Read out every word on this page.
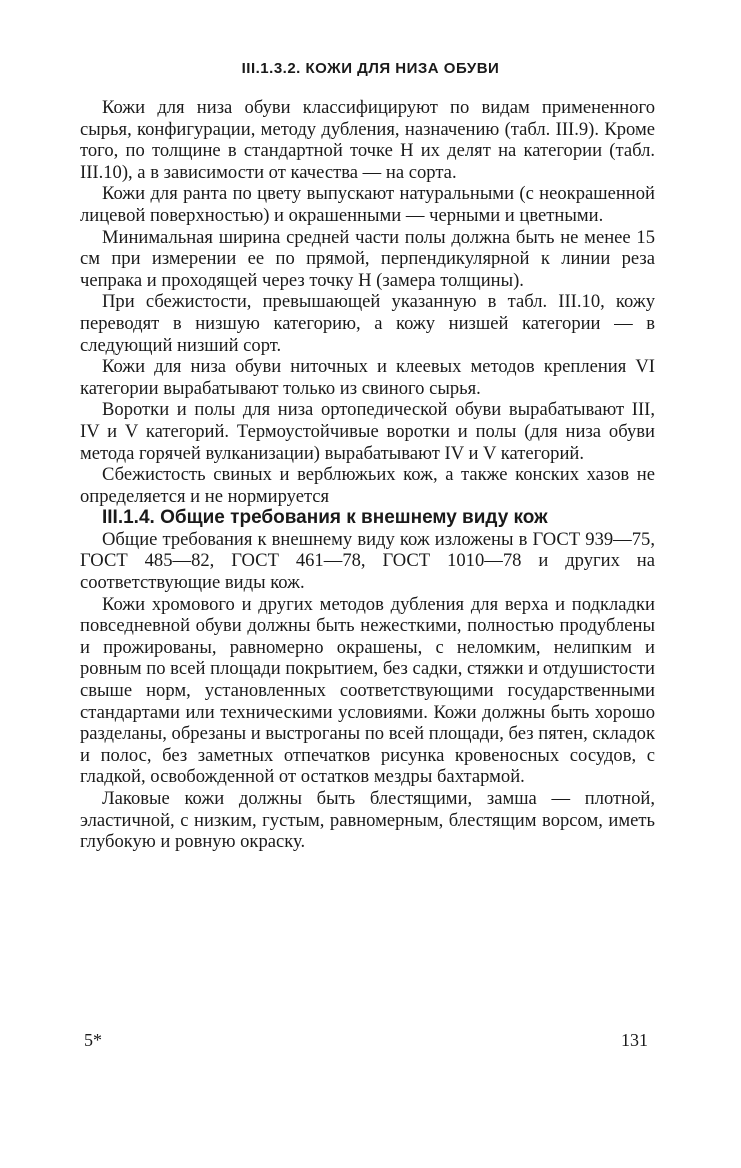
III.1.3.2. КОЖИ ДЛЯ НИЗА ОБУВИ

Кожи для низа обуви классифицируют по видам примененного сырья, конфигурации, методу дубления, назначению (табл. III.9). Кроме того, по толщине в стандартной точке H их делят на категории (табл. III.10), а в зависимости от качества — на сорта.

Кожи для ранта по цвету выпускают натуральными (с неокрашенной лицевой поверхностью) и окрашенными — черными и цветными.

Минимальная ширина средней части полы должна быть не менее 15 см при измерении ее по прямой, перпендикулярной к линии реза чепрака и проходящей через точку H (замера толщины).

При сбежистости, превышающей указанную в табл. III.10, кожу переводят в низшую категорию, а кожу низшей категории — в следующий низший сорт.

Кожи для низа обуви ниточных и клеевых методов крепления VI категории вырабатывают только из свиного сырья.

Воротки и полы для низа ортопедической обуви вырабатывают III, IV и V категорий. Термоустойчивые воротки и полы (для низа обуви метода горячей вулканизации) вырабатывают IV и V категорий.

Сбежистость свиных и верблюжьих кож, а также конских хазов не определяется и не нормируется

III.1.4. Общие требования к внешнему виду кож

Общие требования к внешнему виду кож изложены в ГОСТ 939—75, ГОСТ 485—82, ГОСТ 461—78, ГОСТ 1010—78 и других на соответствующие виды кож.

Кожи хромового и других методов дубления для верха и подкладки повседневной обуви должны быть нежесткими, полностью продублены и прожированы, равномерно окрашены, с неломким, нелипким и ровным по всей площади покрытием, без садки, стяжки и отдушистости свыше норм, установленных соответствующими государственными стандартами или техническими условиями. Кожи должны быть хорошо разделаны, обрезаны и выстроганы по всей площади, без пятен, складок и полос, без заметных отпечатков рисунка кровеносных сосудов, с гладкой, освобожденной от остатков мездры бахтармой.

Лаковые кожи должны быть блестящими, замша — плотной, эластичной, с низким, густым, равномерным, блестящим ворсом, иметь глубокую и ровную окраску.

5*	131
